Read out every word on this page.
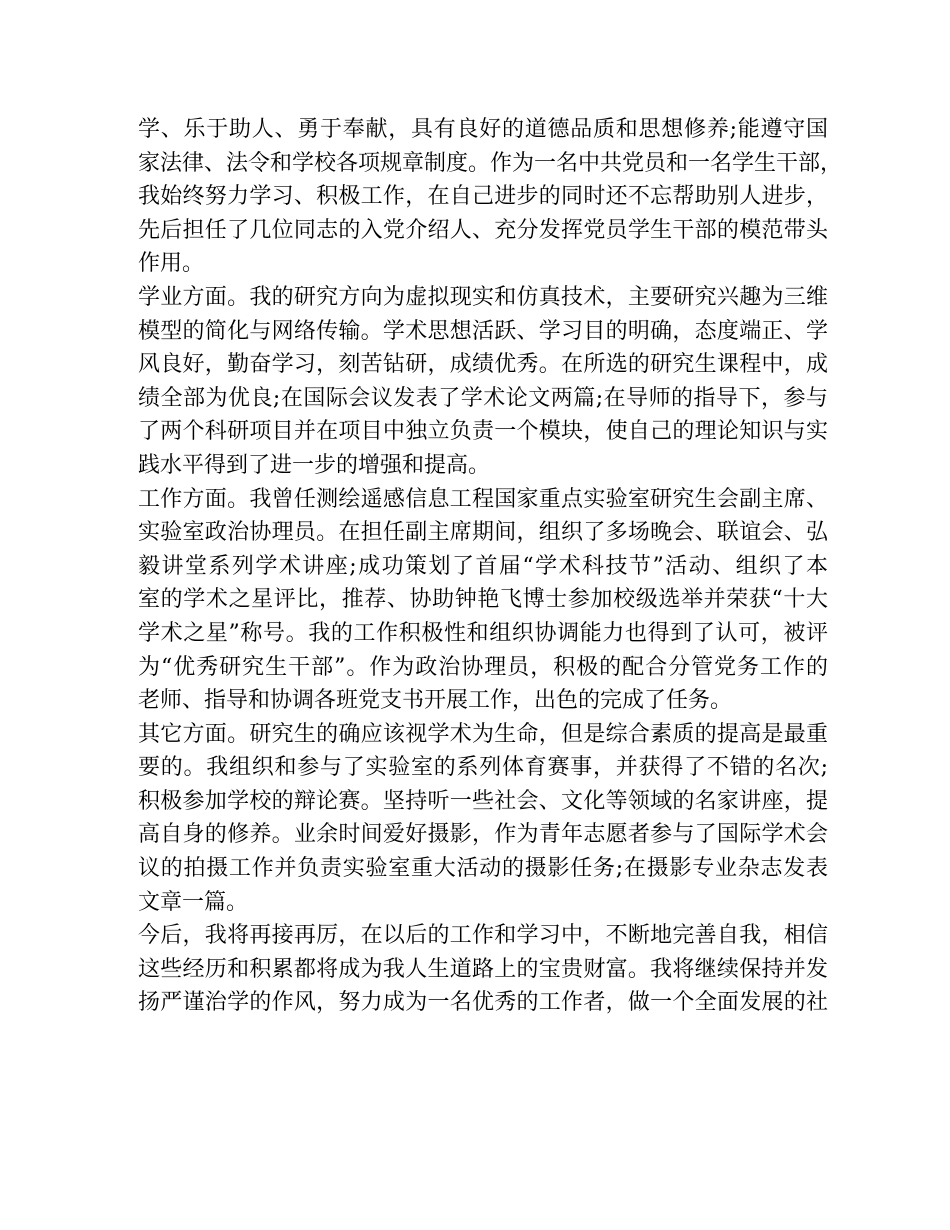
学、乐于助人、勇于奉献，具有良好的道德品质和思想修养;能遵守国
家法律、法令和学校各项规章制度。作为一名中共党员和一名学生干部，
我始终努力学习、积极工作，在自己进步的同时还不忘帮助别人进步，
先后担任了几位同志的入党介绍人、充分发挥党员学生干部的模范带头
作用。
学业方面。我的研究方向为虚拟现实和仿真技术，主要研究兴趣为三维
模型的简化与网络传输。学术思想活跃、学习目的明确，态度端正、学
风良好，勤奋学习，刻苦钻研，成绩优秀。在所选的研究生课程中，成
绩全部为优良;在国际会议发表了学术论文两篇;在导师的指导下，参与
了两个科研项目并在项目中独立负责一个模块，使自己的理论知识与实
践水平得到了进一步的增强和提高。
工作方面。我曾任测绘遥感信息工程国家重点实验室研究生会副主席、
实验室政治协理员。在担任副主席期间，组织了多场晚会、联谊会、弘
毅讲堂系列学术讲座;成功策划了首届“学术科技节”活动、组织了本
室的学术之星评比，推荐、协助钟艳飞博士参加校级选举并荣获“十大
学术之星”称号。我的工作积极性和组织协调能力也得到了认可，被评
为“优秀研究生干部”。作为政治协理员，积极的配合分管党务工作的
老师、指导和协调各班党支书开展工作，出色的完成了任务。
其它方面。研究生的确应该视学术为生命，但是综合素质的提高是最重
要的。我组织和参与了实验室的系列体育赛事，并获得了不错的名次;
积极参加学校的辩论赛。坚持听一些社会、文化等领域的名家讲座，提
高自身的修养。业余时间爱好摄影，作为青年志愿者参与了国际学术会
议的拍摄工作并负责实验室重大活动的摄影任务;在摄影专业杂志发表
文章一篇。
今后，我将再接再厉，在以后的工作和学习中，不断地完善自我，相信
这些经历和积累都将成为我人生道路上的宝贵财富。我将继续保持并发
扬严谨治学的作风，努力成为一名优秀的工作者，做一个全面发展的社
